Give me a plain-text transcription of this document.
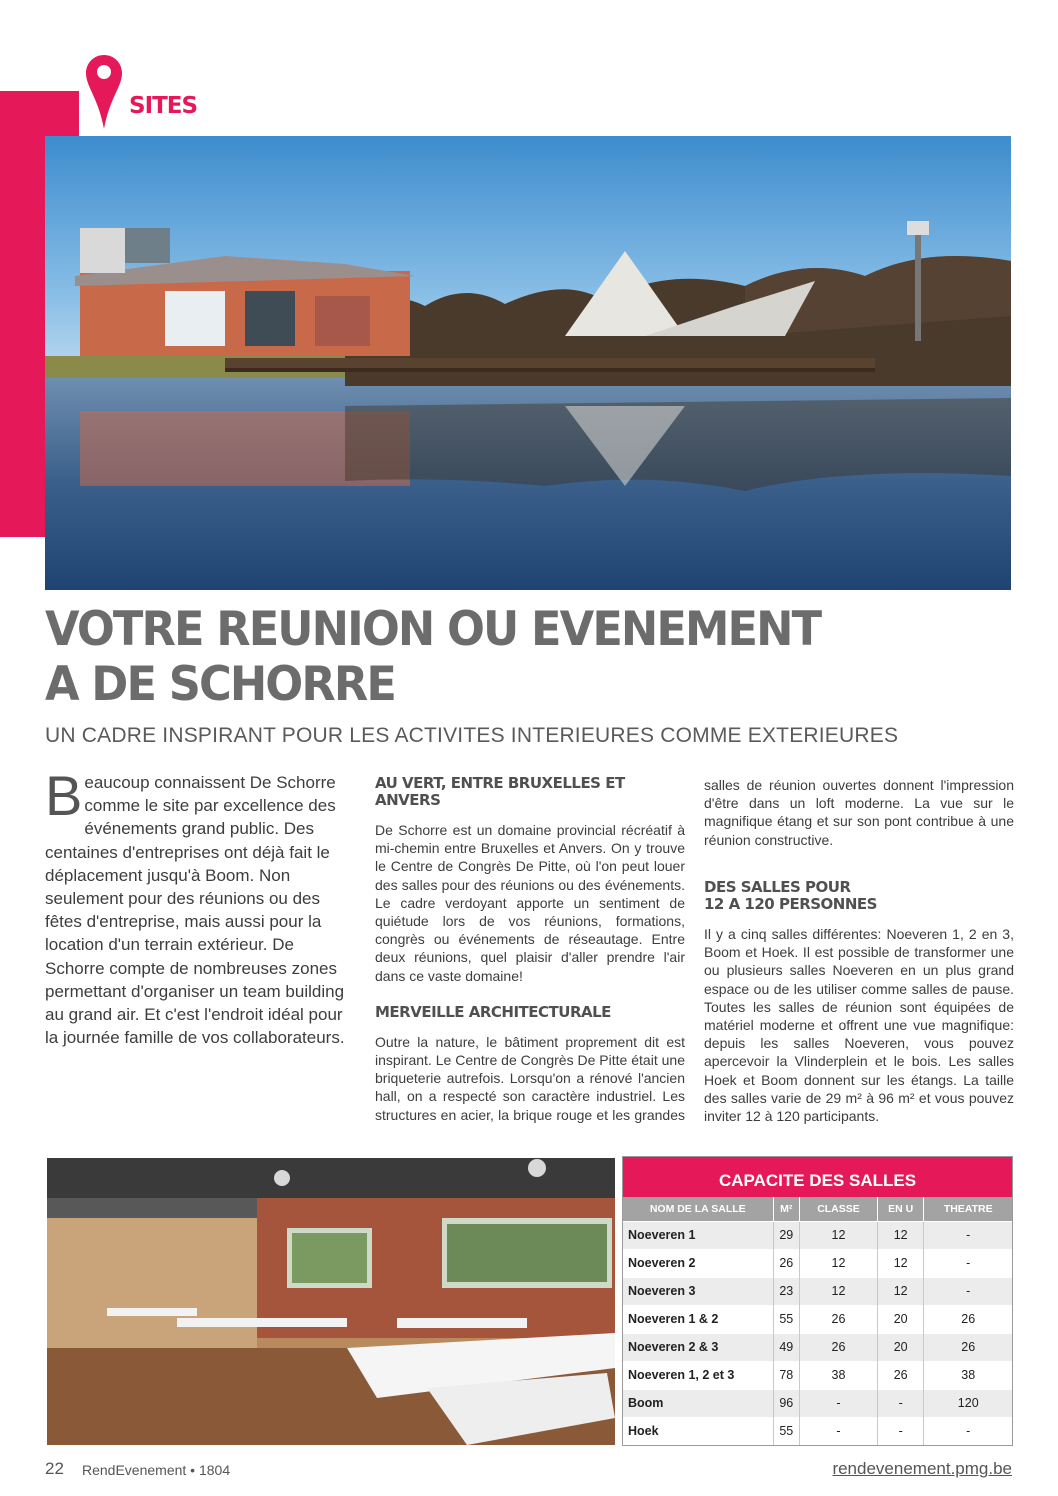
SITES
VOTRE REUNION OU EVENEMENT
A DE SCHORRE
UN CADRE INSPIRANT POUR LES ACTIVITES INTERIEURES COMME EXTERIEURES
Beaucoup connaissent De Schorre comme le site par excellence des événements grand public. Des centaines d'entreprises ont déjà fait le déplacement jusqu'à Boom. Non seulement pour des réunions ou des fêtes d'entreprise, mais aussi pour la location d'un terrain extérieur. De Schorre compte de nombreuses zones permettant d'organiser un team building au grand air. Et c'est l'endroit idéal pour la journée famille de vos collaborateurs.
AU VERT, ENTRE BRUXELLES ET ANVERS

De Schorre est un domaine provincial récréatif à mi-chemin entre Bruxelles et Anvers. On y trouve le Centre de Congrès De Pitte, où l'on peut louer des salles pour des réunions ou des événements. Le cadre verdoyant apporte un sentiment de quiétude lors de vos réunions, formations, congrès ou événements de réseautage. Entre deux réunions, quel plaisir d'aller prendre l'air dans ce vaste domaine!

MERVEILLE ARCHITECTURALE

Outre la nature, le bâtiment proprement dit est inspirant. Le Centre de Congrès De Pitte était une briqueterie autrefois. Lorsqu'on a rénové l'ancien hall, on a respecté son caractère industriel. Les structures en acier, la brique rouge et les grandes

salles de réunion ouvertes donnent l'impression d'être dans un loft moderne. La vue sur le magnifique étang et sur son pont contribue à une réunion constructive.

DES SALLES POUR
12 A 120 PERSONNES

Il y a cinq salles différentes: Noeveren 1, 2 en 3, Boom et Hoek. Il est possible de transformer une ou plusieurs salles Noeveren en un plus grand espace ou de les utiliser comme salles de pause. Toutes les salles de réunion sont équipées de matériel moderne et offrent une vue magnifique: depuis les salles Noeveren, vous pouvez apercevoir la Vlinderplein et le bois. Les salles Hoek et Boom donnent sur les étangs. La taille des salles varie de 29 m² à 96 m² et vous pouvez inviter 12 à 120 participants.

CAPACITE DES SALLES
NOM DE LA SALLE	M²	CLASSE	EN U	THEATRE
Noeveren 1	29	12	12	-
Noeveren 2	26	12	12	-
Noeveren 3	23	12	12	-
Noeveren 1 & 2	55	26	20	26
Noeveren 2 & 3	49	26	20	26
Noeveren 1, 2 et 3	78	38	26	38
Boom	96	-	-	120
Hoek	55	-	-	-
22 RendEvenement • 1804	rendevenement.pmg.be
